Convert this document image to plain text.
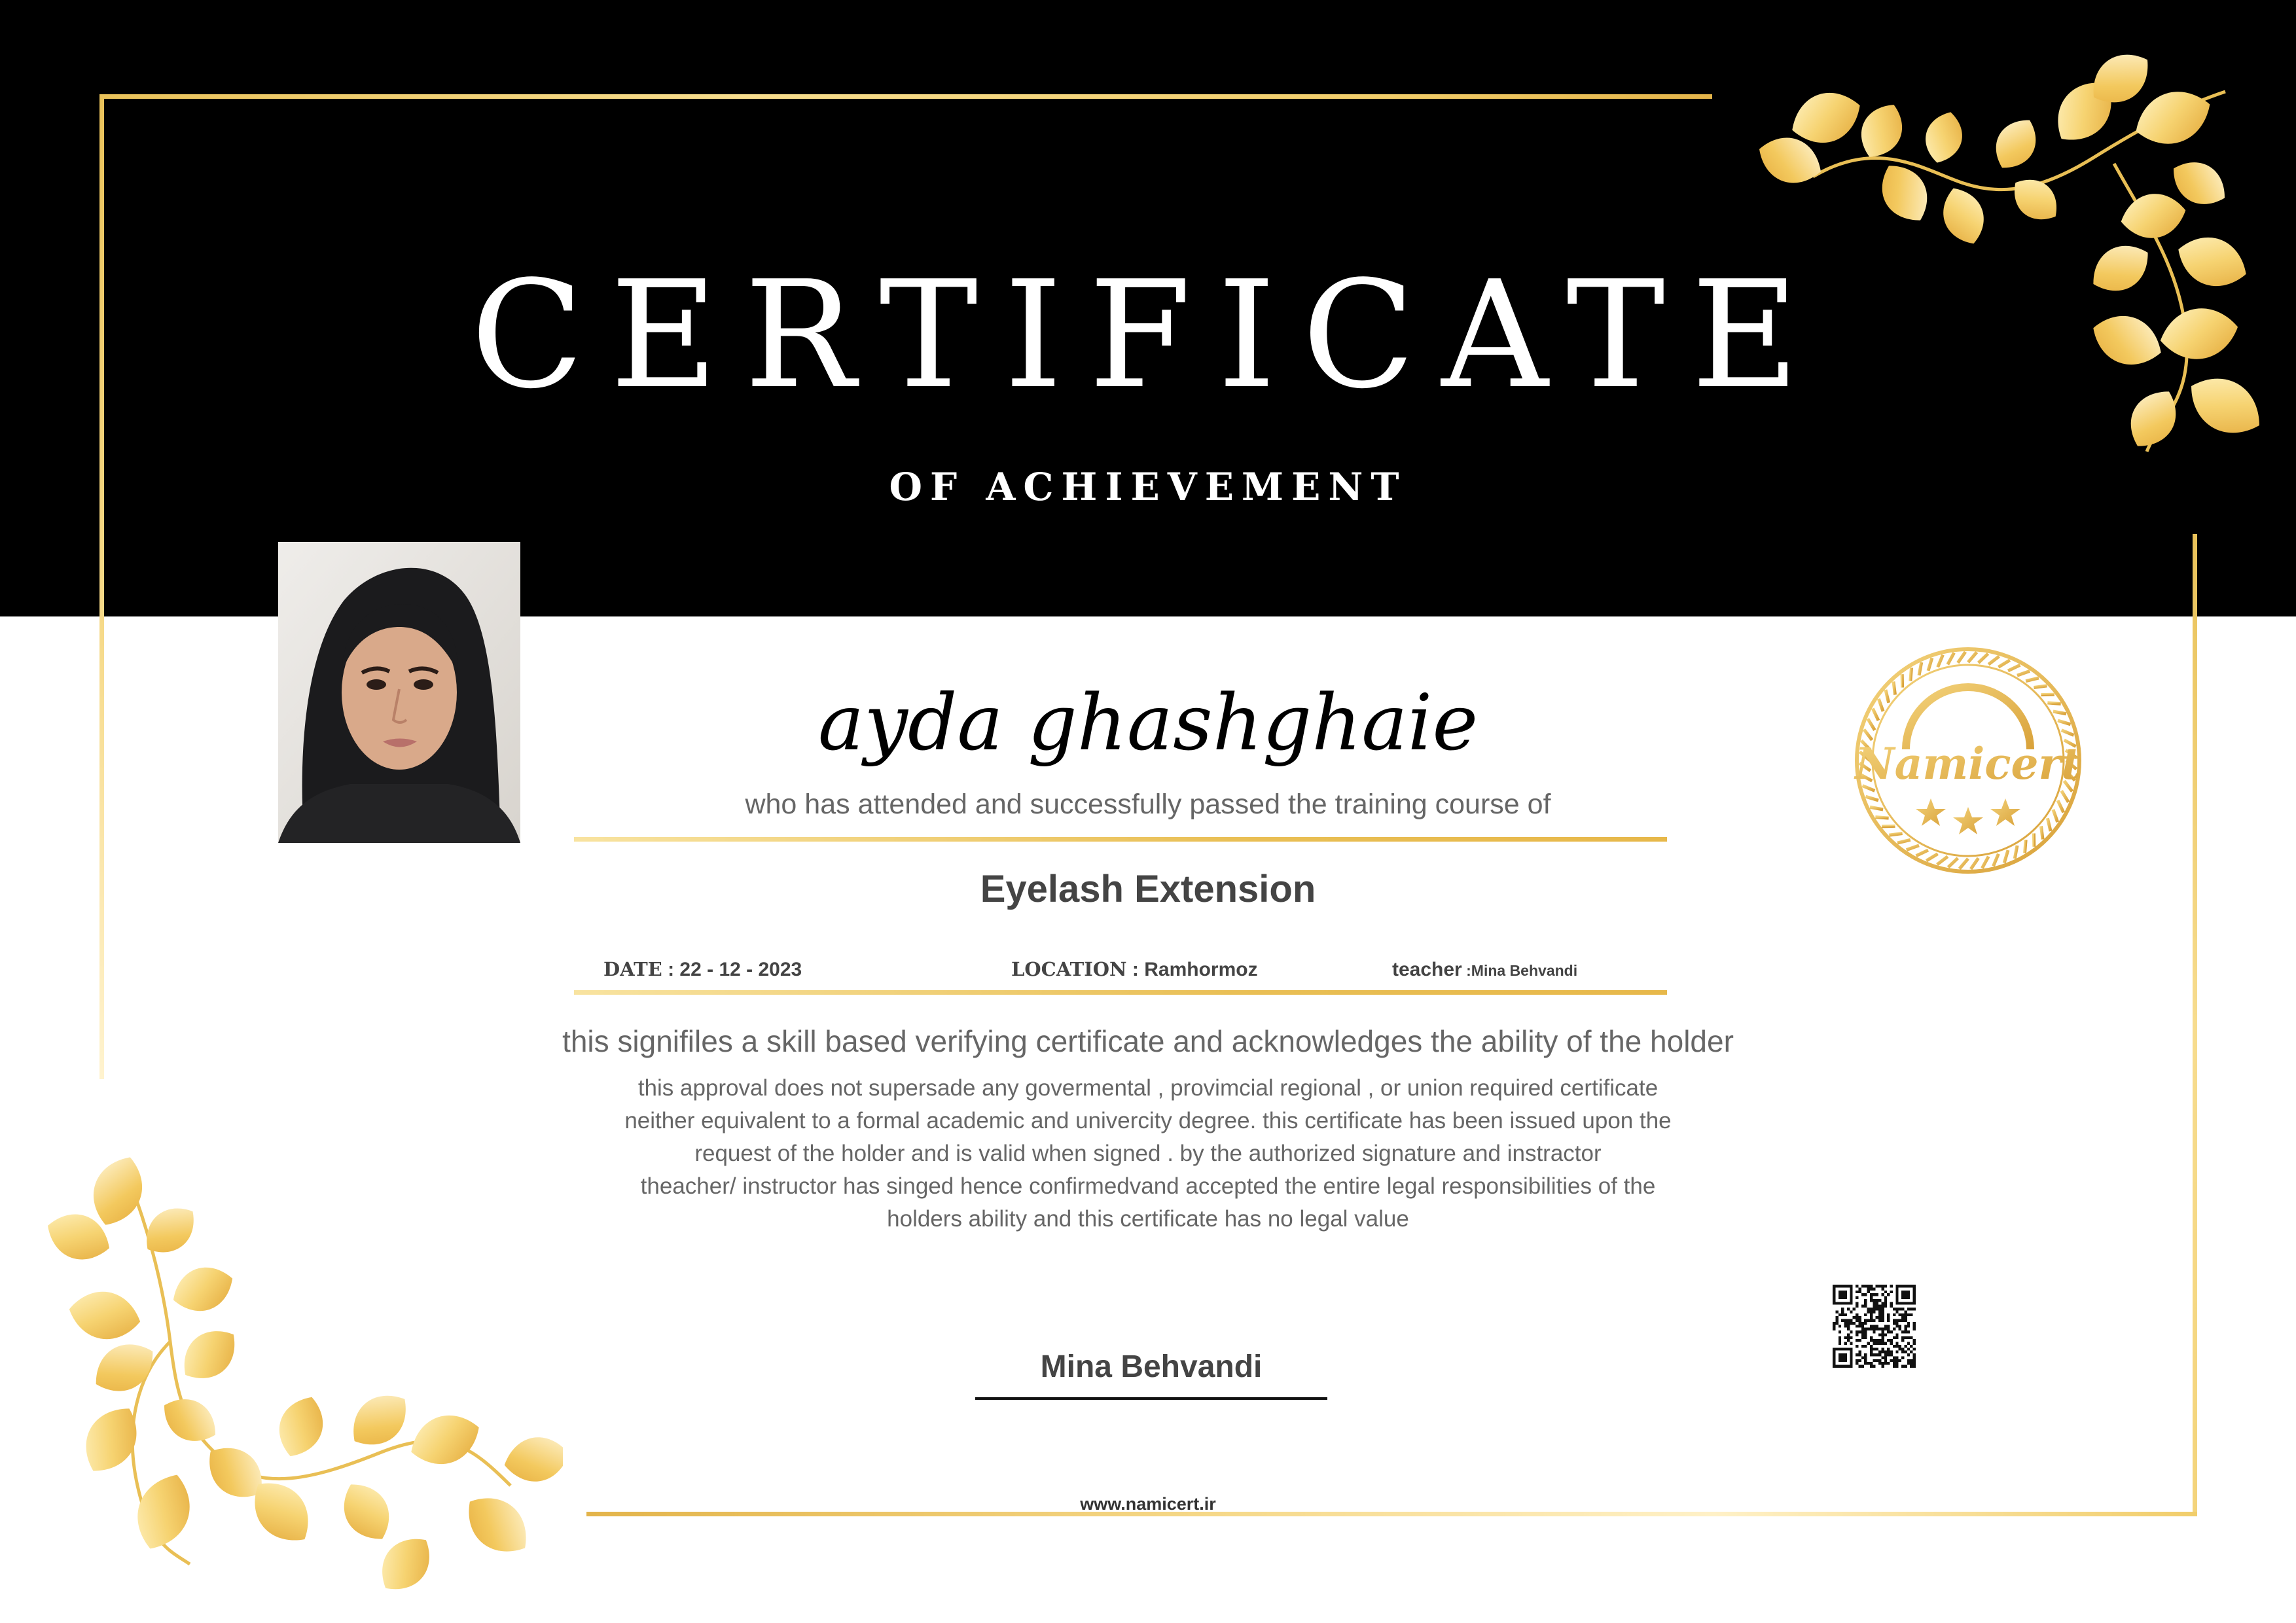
CERTIFICATE
OF ACHIEVEMENT
ayda ghashghaie
who has attended and successfully passed the training course of
Eyelash Extension
DATE : 22 - 12 - 2023	LOCATION : Ramhormoz	teacher :Mina Behvandi
this signifiles a skill based verifying certificate and acknowledges the ability of the holder
this approval does not supersade any govermental , provimcial regional , or union required certificate
neither equivalent to a formal academic and univercity degree. this certificate has been issued upon the
request of the holder and is valid when signed . by the authorized signature and instractor
theacher/ instructor has singed hence confirmedvand accepted the entire legal responsibilities of the
holders ability and this certificate has no legal value
Namicert
Mina Behvandi
www.namicert.ir
